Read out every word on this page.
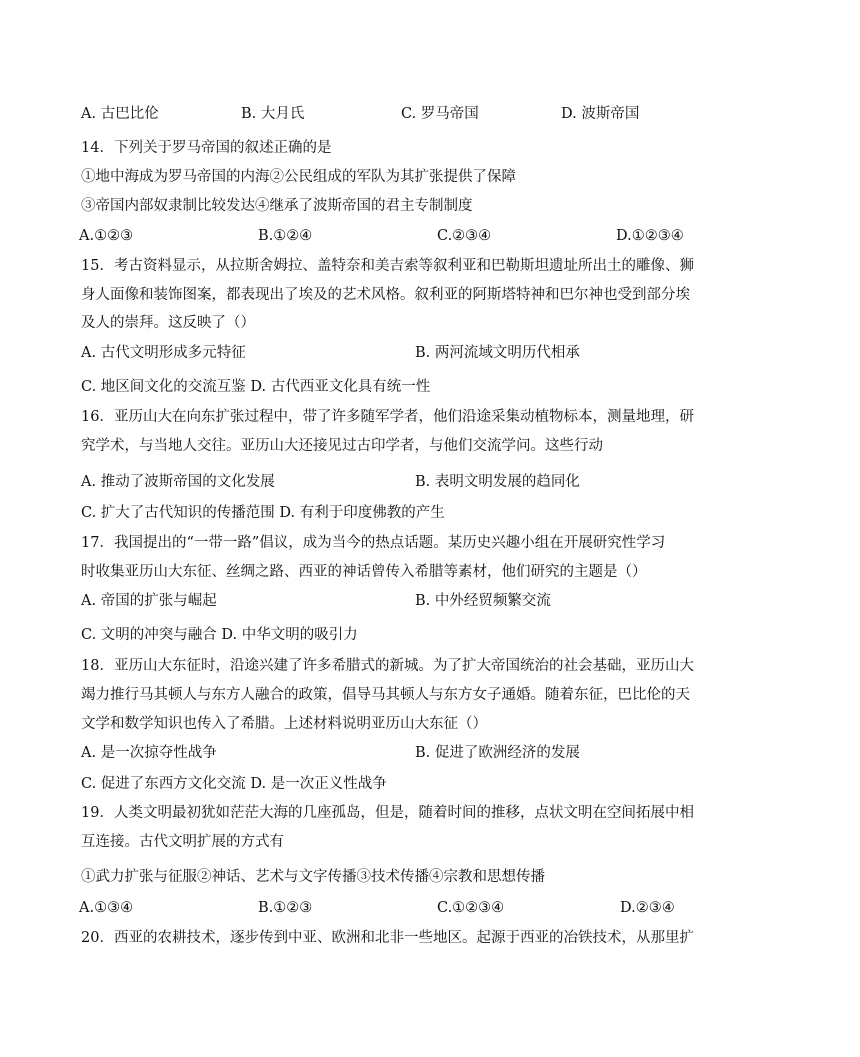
A. 古巴比伦	B. 大月氏	C. 罗马帝国	D. 波斯帝国
14．下列关于罗马帝国的叙述正确的是
①地中海成为罗马帝国的内海②公民组成的军队为其扩张提供了保障
③帝国内部奴隶制比较发达④继承了波斯帝国的君主专制制度
A.①②③	B.①②④	C.②③④	D.①②③④
15．考古资料显示，从拉斯舍姆拉、盖特奈和美吉索等叙利亚和巴勒斯坦遗址所出土的雕像、狮
身人面像和装饰图案，都表现出了埃及的艺术风格。叙利亚的阿斯塔特神和巴尔神也受到部分埃
及人的崇拜。这反映了（）
A. 古代文明形成多元特征	B. 两河流域文明历代相承
C. 地区间文化的交流互鉴 D. 古代西亚文化具有统一性
16．亚历山大在向东扩张过程中，带了许多随军学者，他们沿途采集动植物标本，测量地理，研
究学术，与当地人交往。亚历山大还接见过古印学者，与他们交流学问。这些行动
A. 推动了波斯帝国的文化发展	B. 表明文明发展的趋同化
C. 扩大了古代知识的传播范围 D. 有利于印度佛教的产生
17．我国提出的“一带一路”倡议，成为当今的热点话题。某历史兴趣小组在开展研究性学习
时收集亚历山大东征、丝绸之路、西亚的神话曾传入希腊等素材，他们研究的主题是（）
A. 帝国的扩张与崛起	B. 中外经贸频繁交流
C. 文明的冲突与融合 D. 中华文明的吸引力
18．亚历山大东征时，沿途兴建了许多希腊式的新城。为了扩大帝国统治的社会基础，亚历山大
竭力推行马其顿人与东方人融合的政策，倡导马其顿人与东方女子通婚。随着东征，巴比伦的天
文学和数学知识也传入了希腊。上述材料说明亚历山大东征（）
A. 是一次掠夺性战争	B. 促进了欧洲经济的发展
C. 促进了东西方文化交流 D. 是一次正义性战争
19．人类文明最初犹如茫茫大海的几座孤岛，但是，随着时间的推移，点状文明在空间拓展中相
互连接。古代文明扩展的方式有
①武力扩张与征服②神话、艺术与文字传播③技术传播④宗教和思想传播
A.①③④	B.①②③	C.①②③④	D.②③④
20．西亚的农耕技术，逐步传到中亚、欧洲和北非一些地区。起源于西亚的冶铁技术，从那里扩
